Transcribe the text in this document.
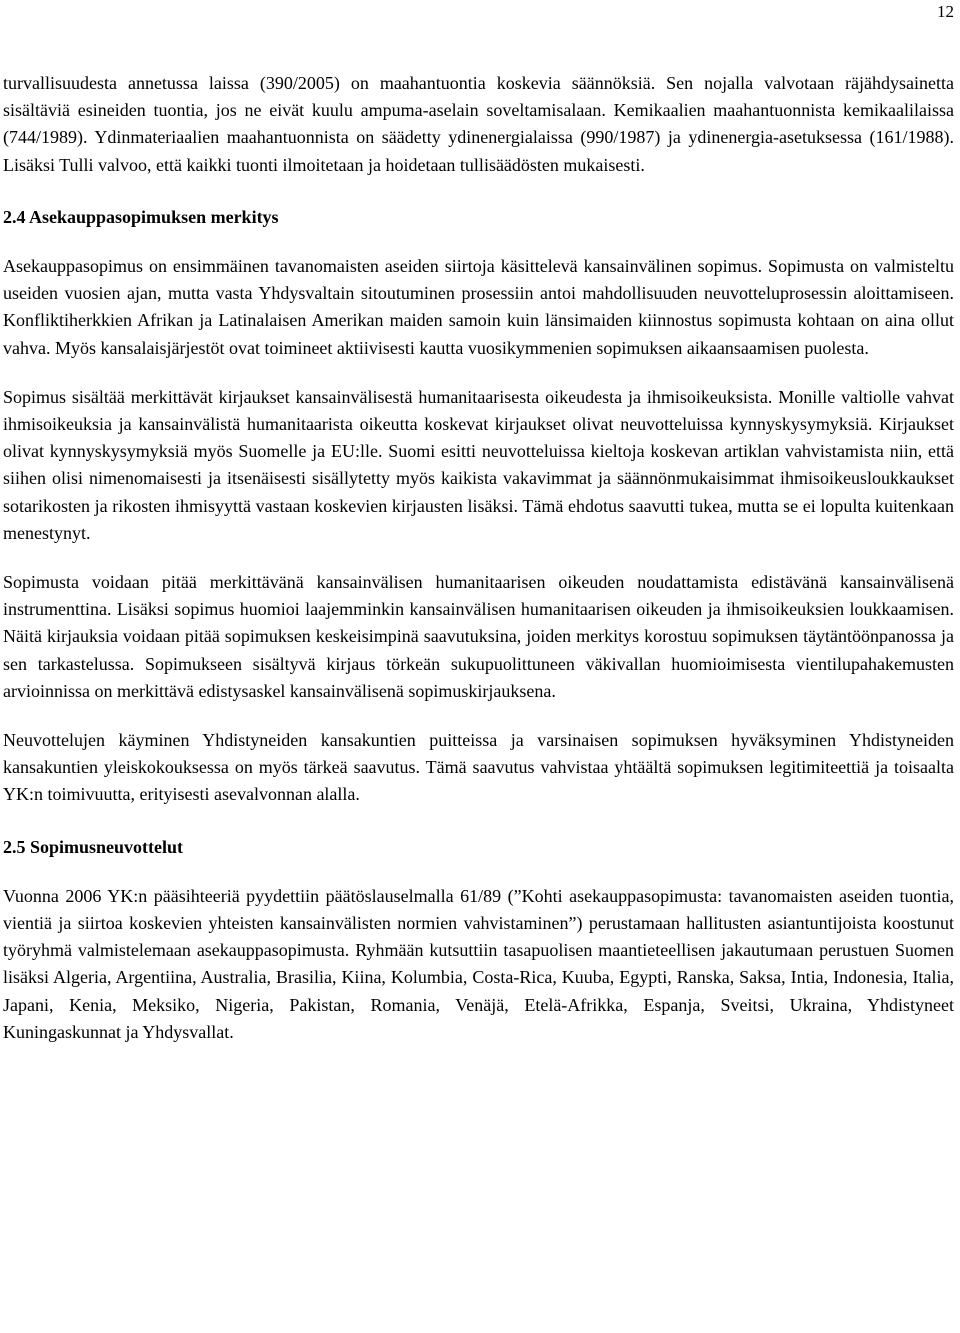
12

turvallisuudesta annetussa laissa (390/2005) on maahantuontia koskevia säännöksiä. Sen nojalla valvotaan räjähdysainetta sisältäviä esineiden tuontia, jos ne eivät kuulu ampuma-aselain soveltamisalaan. Kemikaalien maahantuonnista kemikaalilaissa (744/1989). Ydinmateriaalien maahantuonnista on säädetty ydinenergialaissa (990/1987) ja ydinenergia-asetuksessa (161/1988). Lisäksi Tulli valvoo, että kaikki tuonti ilmoitetaan ja hoidetaan tullisäädösten mukaisesti.

2.4 Asekauppasopimuksen merkitys

Asekauppasopimus on ensimmäinen tavanomaisten aseiden siirtoja käsittelevä kansainvälinen sopimus. Sopimusta on valmisteltu useiden vuosien ajan, mutta vasta Yhdysvaltain sitoutuminen prosessiin antoi mahdollisuuden neuvotteluprosessin aloittamiseen. Konfliktiherkkien Afrikan ja Latinalaisen Amerikan maiden samoin kuin länsimaiden kiinnostus sopimusta kohtaan on aina ollut vahva. Myös kansalaisjärjestöt ovat toimineet aktiivisesti kautta vuosikymmenien sopimuksen aikaansaamisen puolesta.

Sopimus sisältää merkittävät kirjaukset kansainvälisestä humanitaarisesta oikeudesta ja ihmisoikeuksista. Monille valtiolle vahvat ihmisoikeuksia ja kansainvälistä humanitaarista oikeutta koskevat kirjaukset olivat neuvotteluissa kynnyskysymyksiä. Kirjaukset olivat kynnyskysymyksiä myös Suomelle ja EU:lle. Suomi esitti neuvotteluissa kieltoja koskevan artiklan vahvistamista niin, että siihen olisi nimenomaisesti ja itsenäisesti sisällytetty myös kaikista vakavimmat ja säännönmukaisimmat ihmisoikeusloukkaukset sotarikosten ja rikosten ihmisyyttä vastaan koskevien kirjausten lisäksi. Tämä ehdotus saavutti tukea, mutta se ei lopulta kuitenkaan menestynyt.

Sopimusta voidaan pitää merkittävänä kansainvälisen humanitaarisen oikeuden noudattamista edistävänä kansainvälisenä instrumenttina. Lisäksi sopimus huomioi laajemminkin kansainvälisen humanitaarisen oikeuden ja ihmisoikeuksien loukkaamisen. Näitä kirjauksia voidaan pitää sopimuksen keskeisimpinä saavutuksina, joiden merkitys korostuu sopimuksen täytäntöönpanossa ja sen tarkastelussa. Sopimukseen sisältyvä kirjaus törkeän sukupuolittuneen väkivallan huomioimisesta vientilupahakemusten arvioinnissa on merkittävä edistysaskel kansainvälisenä sopimuskirjauksena.

Neuvottelujen käyminen Yhdistyneiden kansakuntien puitteissa ja varsinaisen sopimuksen hyväksyminen Yhdistyneiden kansakuntien yleiskokouksessa on myös tärkeä saavutus. Tämä saavutus vahvistaa yhtäältä sopimuksen legitimiteettiä ja toisaalta YK:n toimivuutta, erityisesti asevalvonnan alalla.

2.5 Sopimusneuvottelut

Vuonna 2006 YK:n pääsihteeriä pyydettiin päätöslauselmalla 61/89 (”Kohti asekauppasopimusta: tavanomaisten aseiden tuontia, vientiä ja siirtoa koskevien yhteisten kansainvälisten normien vahvistaminen”) perustamaan hallitusten asiantuntijoista koostunut työryhmä valmistelemaan asekauppasopimusta. Ryhmään kutsuttiin tasapuolisen maantieteellisen jakautumaan perustuen Suomen lisäksi Algeria, Argentiina, Australia, Brasilia, Kiina, Kolumbia, Costa-Rica, Kuuba, Egypti, Ranska, Saksa, Intia, Indonesia, Italia, Japani, Kenia, Meksiko, Nigeria, Pakistan, Romania, Venäjä, Etelä-Afrikka, Espanja, Sveitsi, Ukraina, Yhdistyneet Kuningaskunnat ja Yhdysvallat.
